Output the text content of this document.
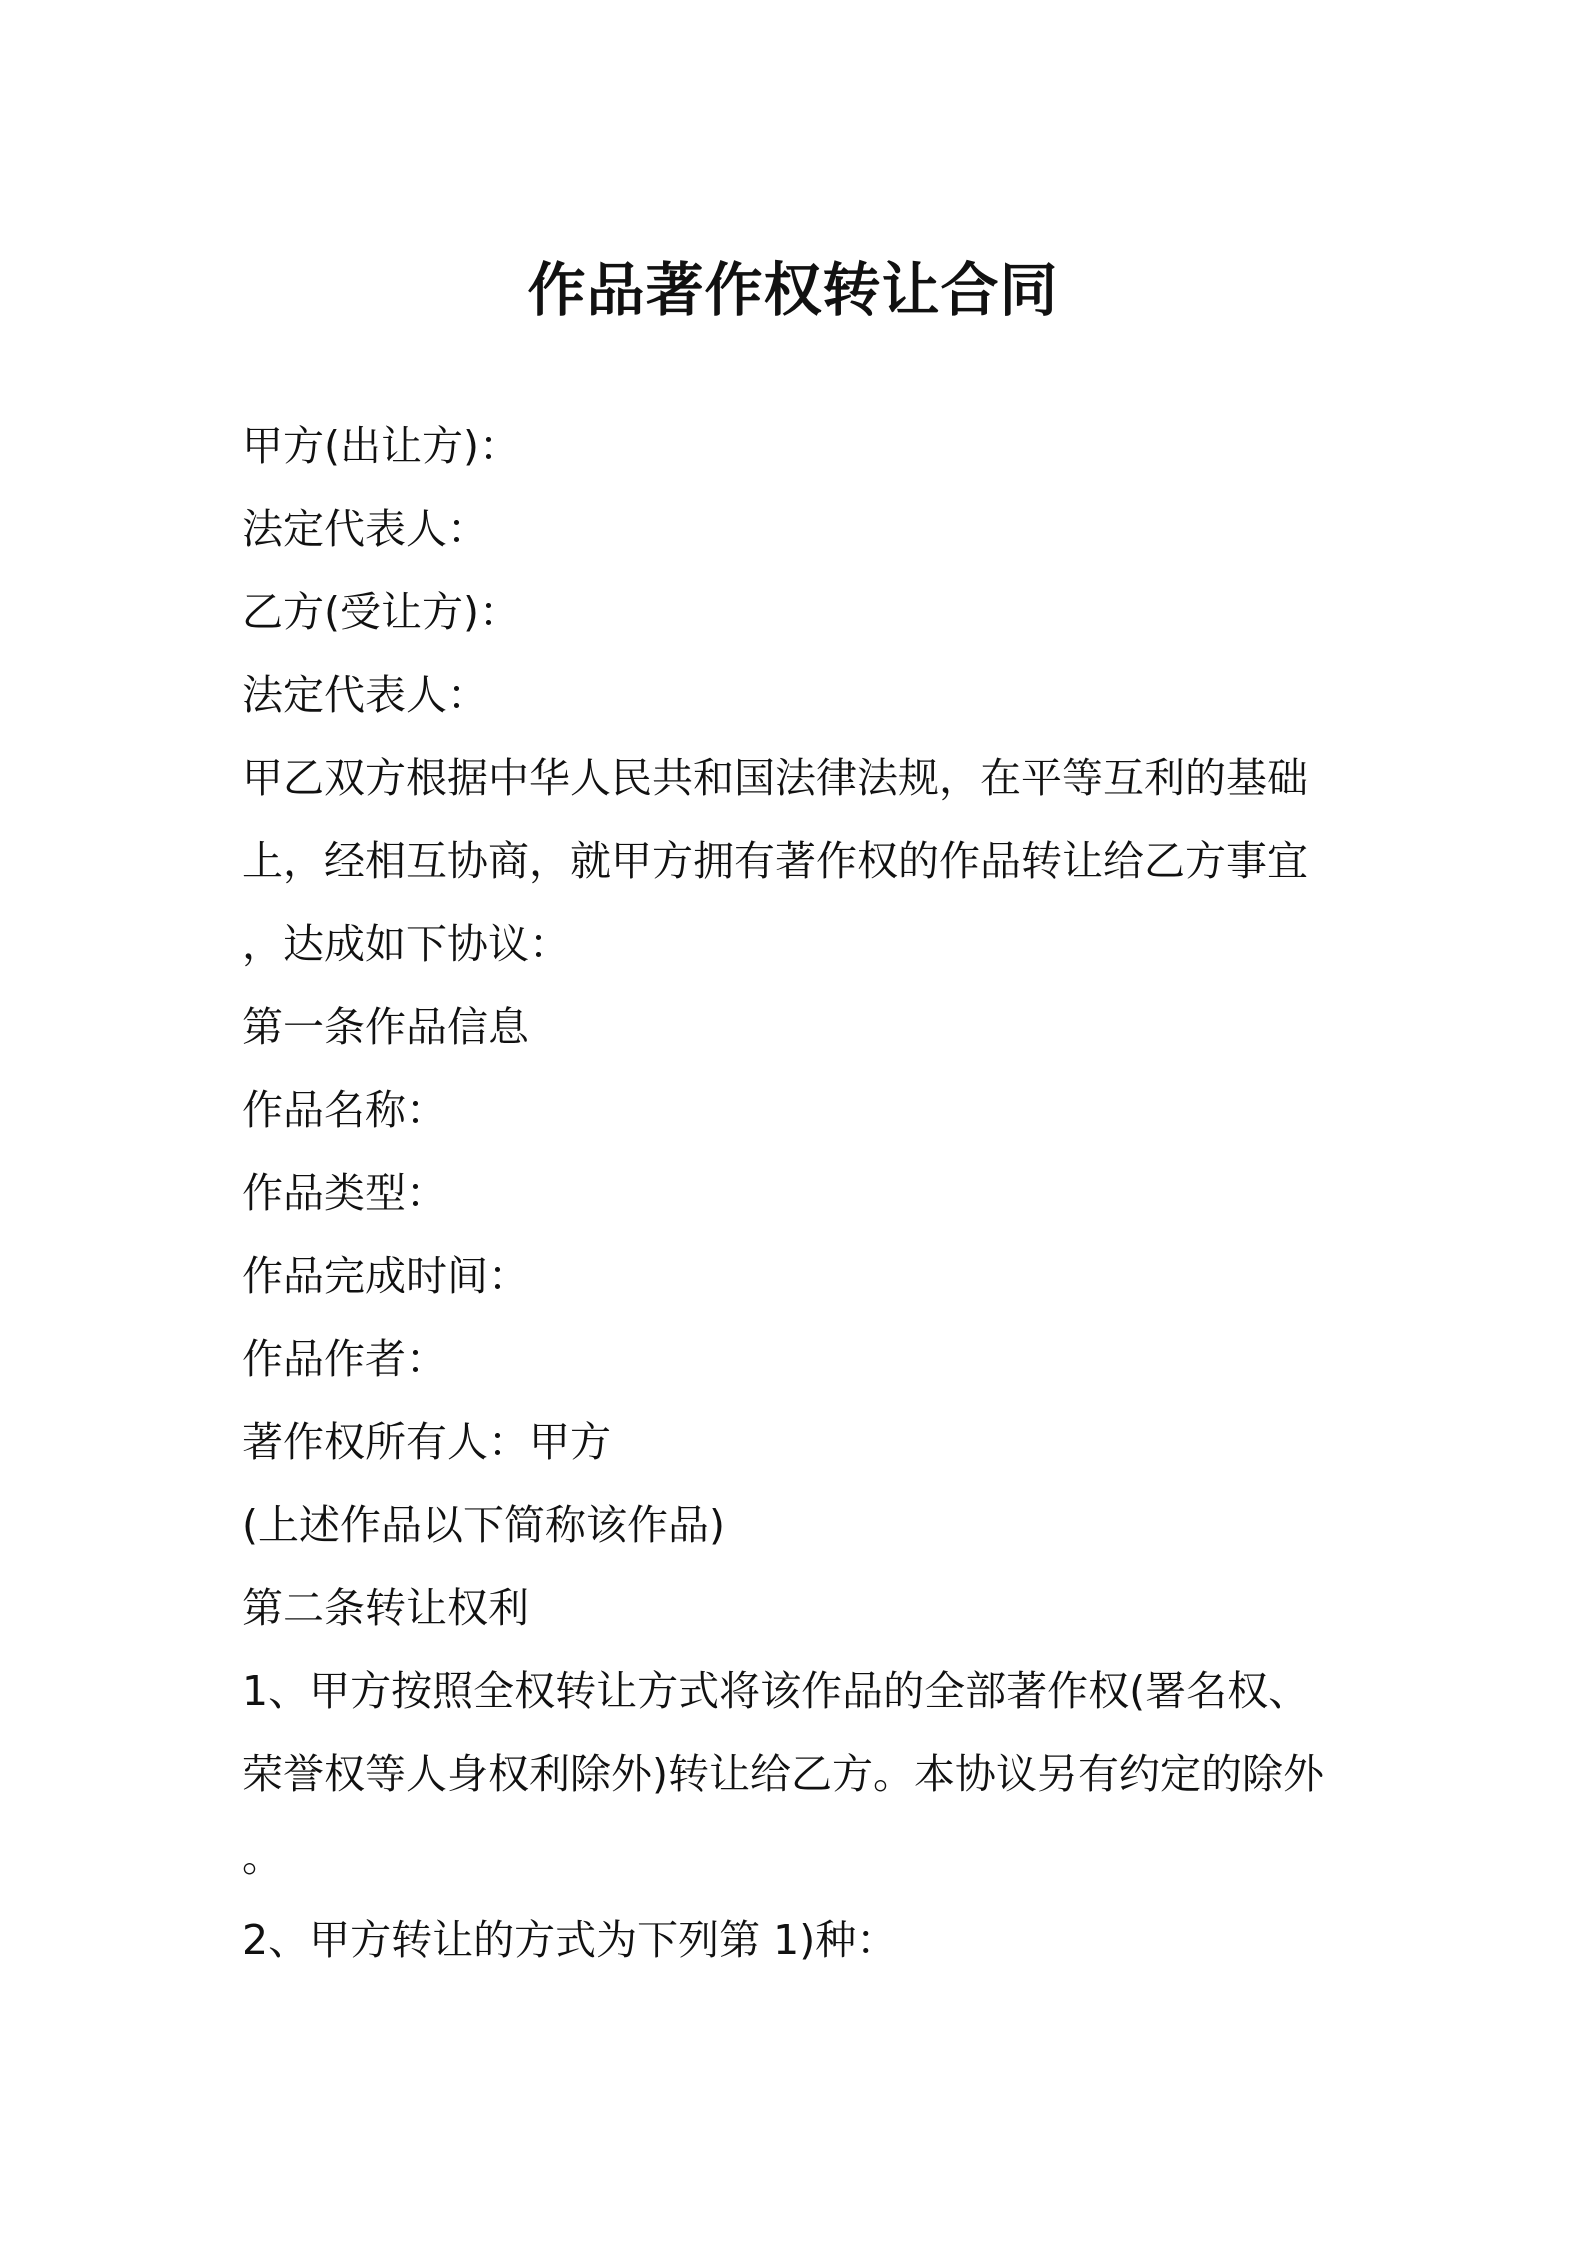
作品著作权转让合同
甲方(出让方)：
法定代表人：
乙方(受让方)：
法定代表人：
甲乙双方根据中华人民共和国法律法规，在平等互利的基础
上，经相互协商，就甲方拥有著作权的作品转让给乙方事宜
，达成如下协议：
第一条作品信息
作品名称：
作品类型：
作品完成时间：
作品作者：
著作权所有人：甲方
(上述作品以下简称该作品)
第二条转让权利
1、甲方按照全权转让方式将该作品的全部著作权(署名权、
荣誉权等人身权利除外)转让给乙方。本协议另有约定的除外
。
2、甲方转让的方式为下列第 1)种：
